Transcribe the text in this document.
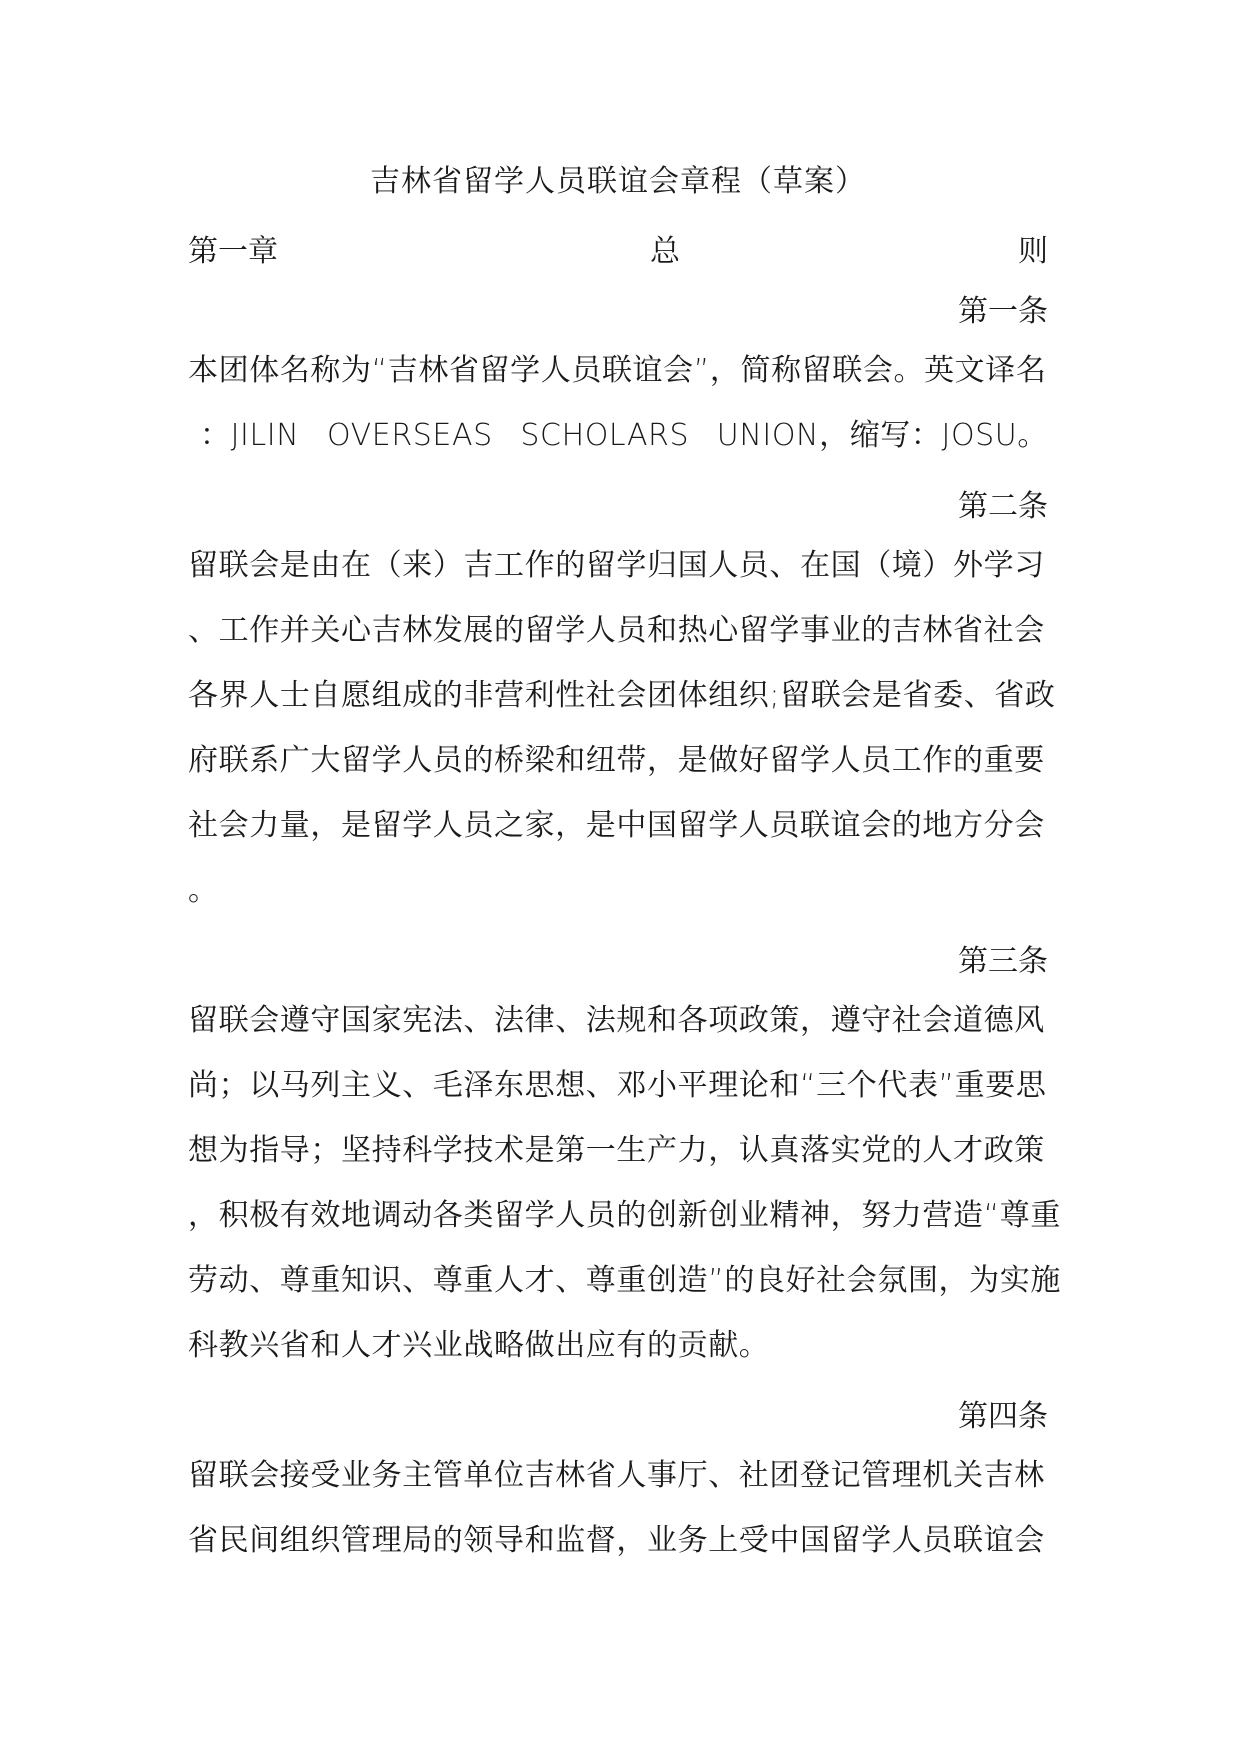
吉林省留学人员联谊会章程（草案）
第一章	总	则
第一条
本团体名称为“吉林省留学人员联谊会”，简称留联会。英文译名
：JILIN OVERSEAS SCHOLARS UNION，缩写：JOSU。
第二条
留联会是由在（来）吉工作的留学归国人员、在国（境）外学习
、工作并关心吉林发展的留学人员和热心留学事业的吉林省社会
各界人士自愿组成的非营利性社会团体组织;留联会是省委、省政
府联系广大留学人员的桥梁和纽带，是做好留学人员工作的重要
社会力量，是留学人员之家，是中国留学人员联谊会的地方分会
。
第三条
留联会遵守国家宪法、法律、法规和各项政策，遵守社会道德风
尚；以马列主义、毛泽东思想、邓小平理论和“三个代表”重要思
想为指导；坚持科学技术是第一生产力，认真落实党的人才政策
，积极有效地调动各类留学人员的创新创业精神，努力营造“尊重
劳动、尊重知识、尊重人才、尊重创造”的良好社会氛围，为实施
科教兴省和人才兴业战略做出应有的贡献。
第四条
留联会接受业务主管单位吉林省人事厅、社团登记管理机关吉林
省民间组织管理局的领导和监督，业务上受中国留学人员联谊会
